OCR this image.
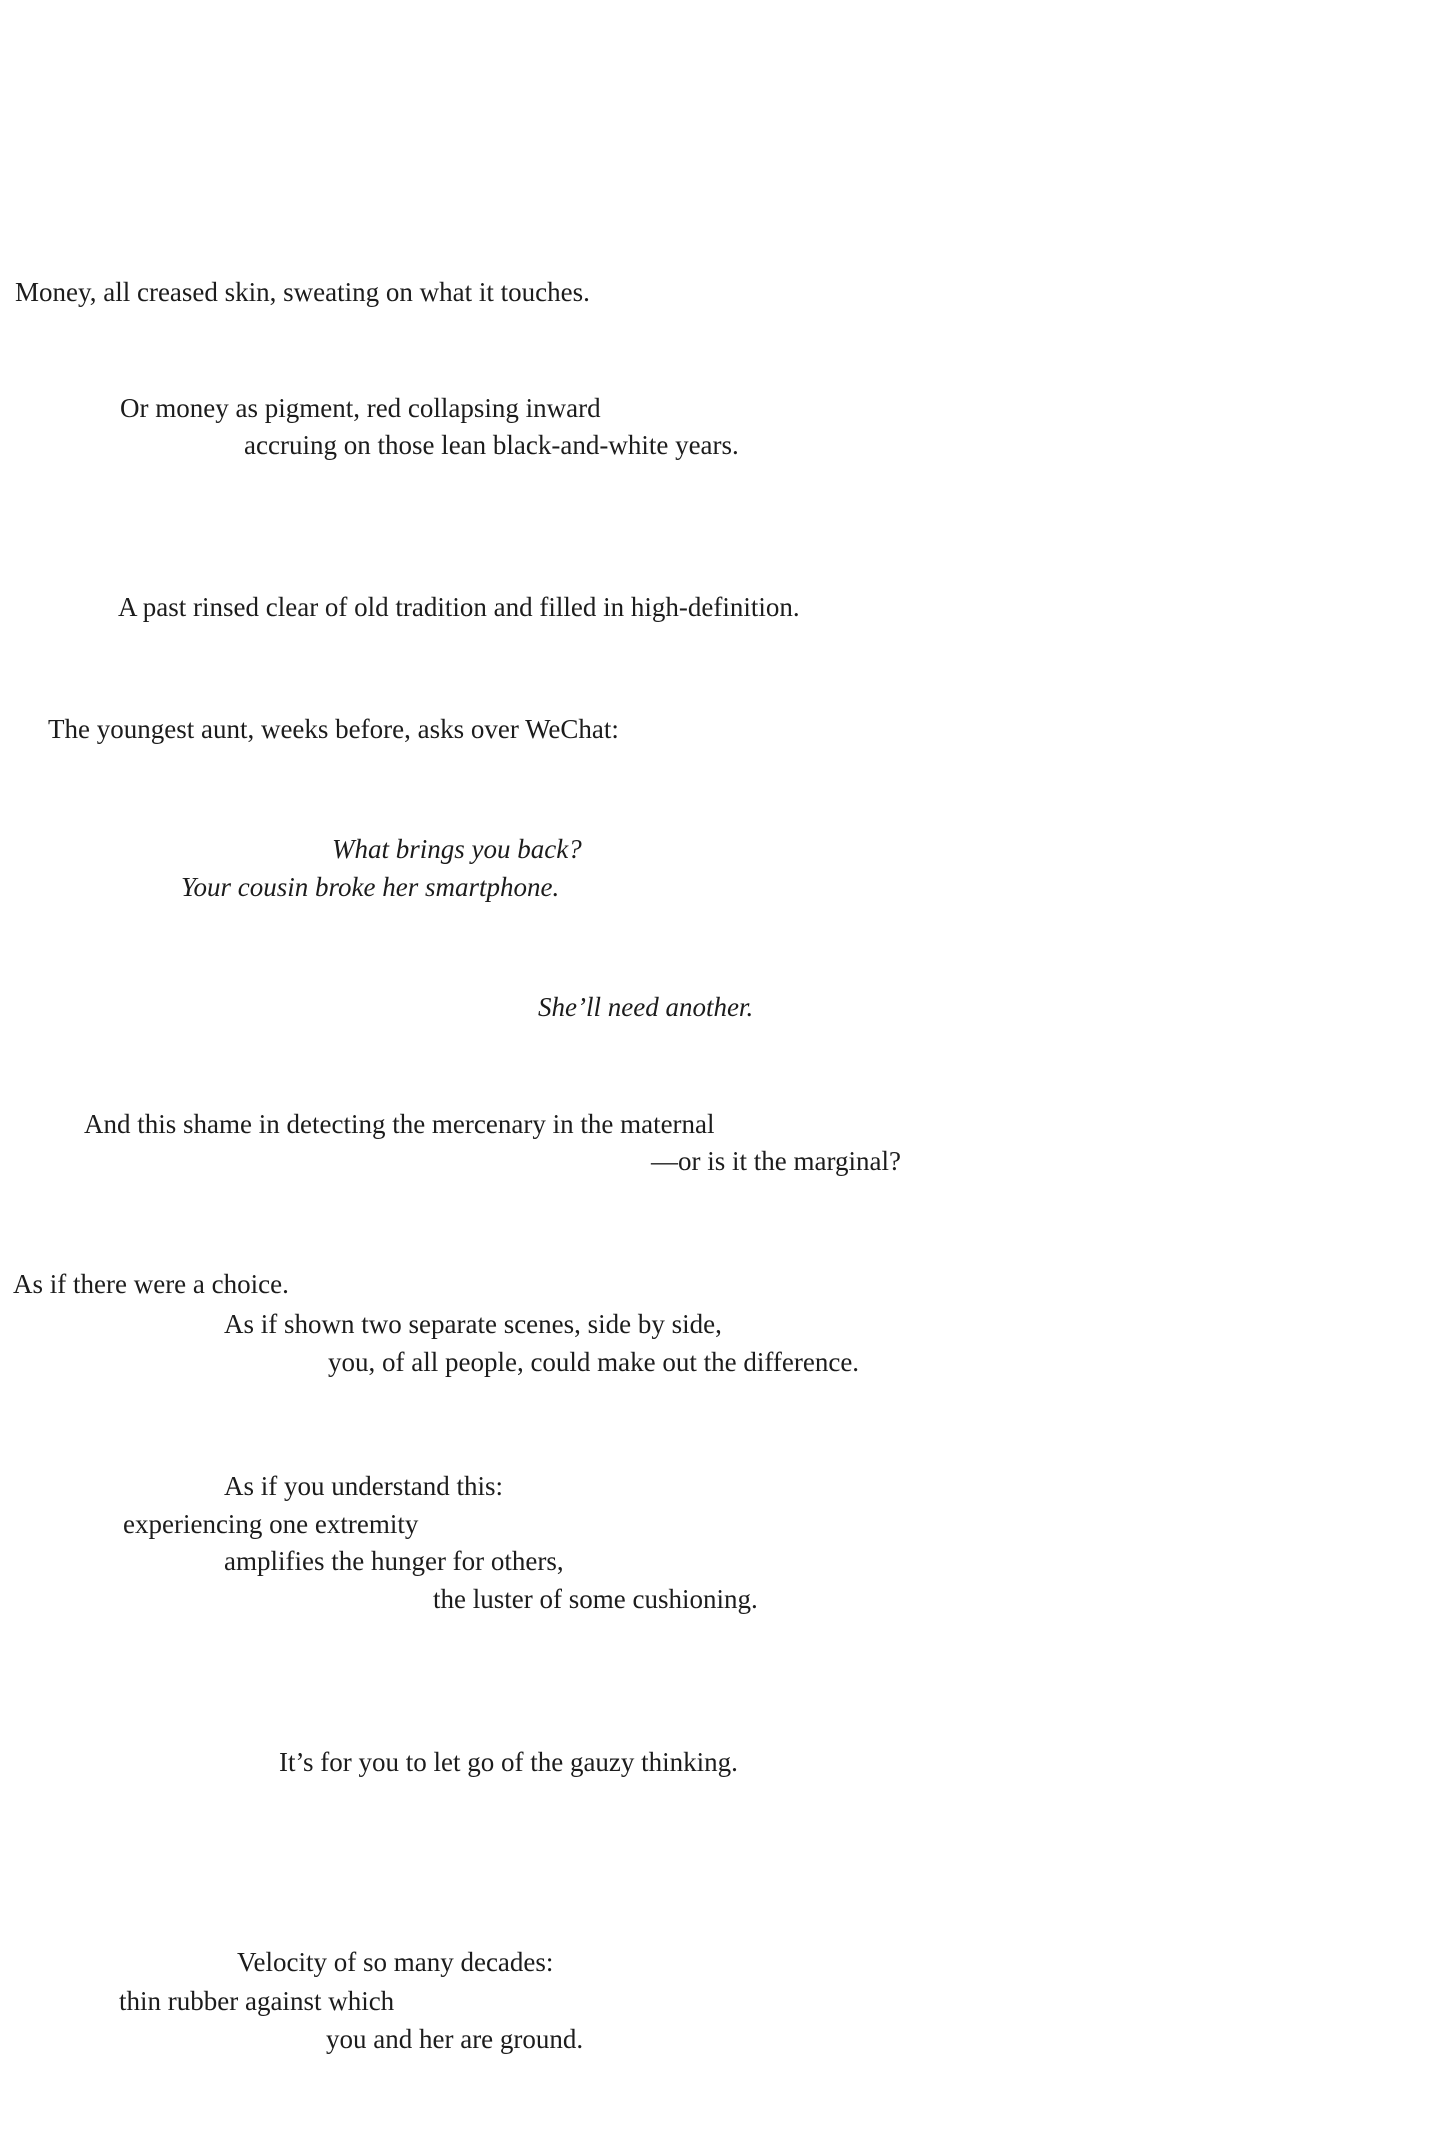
Money, all creased skin, sweating on what it touches.
Or money as pigment, red collapsing inward
accruing on those lean black-and-white years.
A past rinsed clear of old tradition and filled in high-definition.
The youngest aunt, weeks before, asks over WeChat:
What brings you back?
Your cousin broke her smartphone.
She’ll need another.
And this shame in detecting the mercenary in the maternal
—or is it the marginal?
As if there were a choice.
As if shown two separate scenes, side by side,
you, of all people, could make out the difference.
As if you understand this:
experiencing one extremity
amplifies the hunger for others,
the luster of some cushioning.
It’s for you to let go of the gauzy thinking.
Velocity of so many decades:
thin rubber against which
you and her are ground.
